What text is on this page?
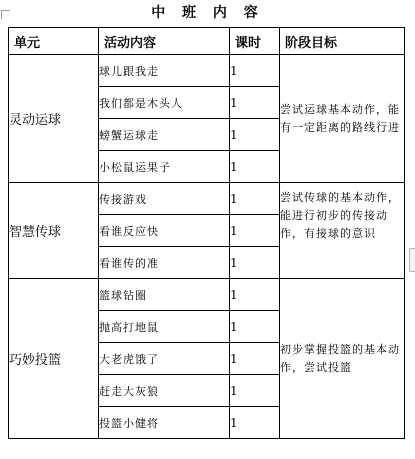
中 班 内 容
单元	活动内容	课时	阶段目标
灵动运球	球儿跟我走	1	尝试运球基本动作，能有一定距离的路线行进
	我们都是木头人	1	
	螃蟹运球走	1	
	小松鼠运果子	1	
智慧传球	传接游戏	1	尝试传球的基本动作，能进行初步的传接动作，有接球的意识
	看谁反应快	1	
	看谁传的准	1	
巧妙投篮	篮球钻圈	1	初步掌握投篮的基本动作，尝试投篮
	抛高打地鼠	1	
	大老虎饿了	1	
	赶走大灰狼	1	
	投篮小健将	1	
